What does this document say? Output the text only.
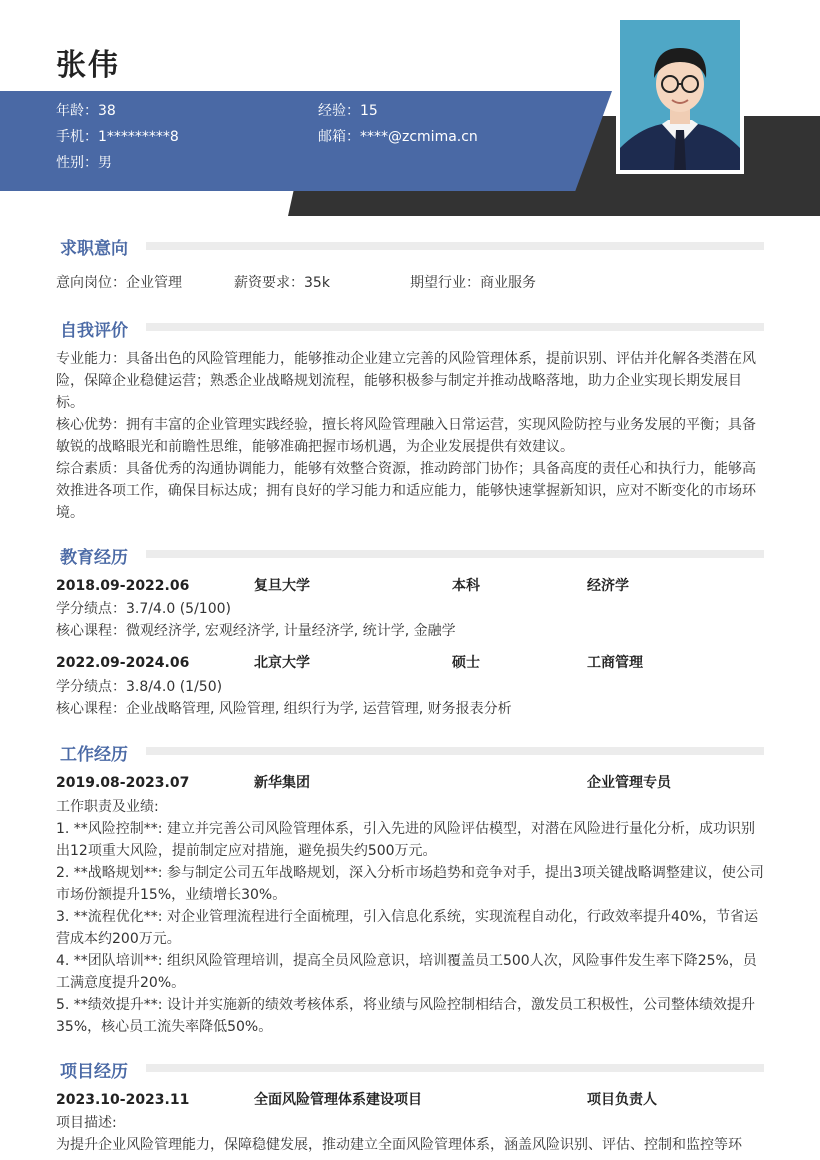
张伟
年龄：38	经验：15
手机：1*********8	邮箱：****@zcmima.cn
性别：男
求职意向
意向岗位：企业管理	薪资要求：35k	期望行业：商业服务
自我评价

专业能力：具备出色的风险管理能力，能够推动企业建立完善的风险管理体系，提前识别、评估并化解各类潜在风险，保障企业稳健运营；熟悉企业战略规划流程，能够积极参与制定并推动战略落地，助力企业实现长期发展目标。

核心优势：拥有丰富的企业管理实践经验，擅长将风险管理融入日常运营，实现风险防控与业务发展的平衡；具备敏锐的战略眼光和前瞻性思维，能够准确把握市场机遇，为企业发展提供有效建议。

综合素质：具备优秀的沟通协调能力，能够有效整合资源，推动跨部门协作；具备高度的责任心和执行力，能够高效推进各项工作，确保目标达成；拥有良好的学习能力和适应能力，能够快速掌握新知识，应对不断变化的市场环境。

教育经历
2018.09-2022.06	复旦大学	本科	经济学
学分绩点：3.7/4.0 (5/100)
核心课程：微观经济学, 宏观经济学, 计量经济学, 统计学, 金融学
2022.09-2024.06	北京大学	硕士	工商管理
学分绩点：3.8/4.0 (1/50)
核心课程：企业战略管理, 风险管理, 组织行为学, 运营管理, 财务报表分析
工作经历
2019.08-2023.07	新华集团	企业管理专员

工作职责及业绩:

1. **风险控制**: 建立并完善公司风险管理体系，引入先进的风险评估模型，对潜在风险进行量化分析，成功识别出12项重大风险，提前制定应对措施，避免损失约500万元。

2. **战略规划**: 参与制定公司五年战略规划，深入分析市场趋势和竞争对手，提出3项关键战略调整建议，使公司市场份额提升15%，业绩增长30%。

3. **流程优化**: 对企业管理流程进行全面梳理，引入信息化系统，实现流程自动化，行政效率提升40%，节省运营成本约200万元。

4. **团队培训**: 组织风险管理培训，提高全员风险意识，培训覆盖员工500人次，风险事件发生率下降25%，员工满意度提升20%。

5. **绩效提升**: 设计并实施新的绩效考核体系，将业绩与风险控制相结合，激发员工积极性，公司整体绩效提升35%，核心员工流失率降低50%。

项目经历
2023.10-2023.11	全面风险管理体系建设项目	项目负责人
项目描述:
为提升企业风险管理能力，保障稳健发展，推动建立全面风险管理体系，涵盖风险识别、评估、控制和监控等环
